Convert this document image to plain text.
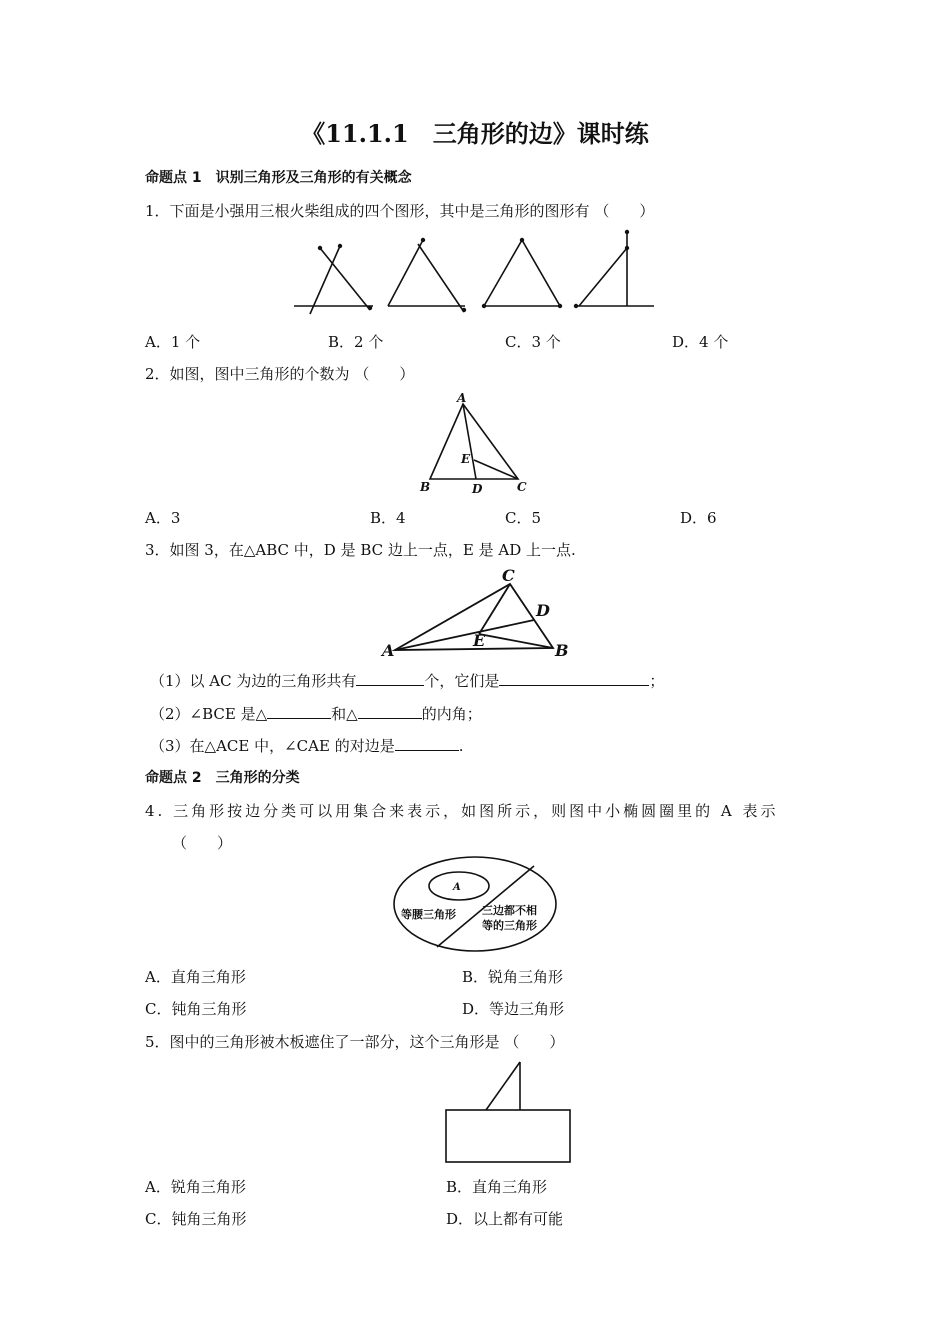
《11.1.1　三角形的边》课时练
命题点 1　识别三角形及三角形的有关概念
1．下面是小强用三根火柴组成的四个图形，其中是三角形的图形有 （　　）
A．1 个	B．2 个	C．3 个	D．4 个
2．如图，图中三角形的个数为 （　　）
A
B	C
D
E
A．3	B．4	C．5	D．6
3．如图 3，在△ABC 中，D 是 BC 边上一点，E 是 AD 上一点.
C
D
E
A	B
（1）以 AC 为边的三角形共有	个，它们是	；
（2）∠BCE 是△	和△	的内角；
（3）在△ACE 中，∠CAE 的对边是	.
命题点 2　三角形的分类
4. 三角形按边分类可以用集合来表示，如图所示，则图中小椭圆圈里的 A 表示
（　　）
A
等腰三角形 三边都不相
等的三角形
A．直角三角形	B．锐角三角形
C．钝角三角形	D．等边三角形
5．图中的三角形被木板遮住了一部分，这个三角形是 （　　）
A．锐角三角形	B．直角三角形
C．钝角三角形	D．以上都有可能
